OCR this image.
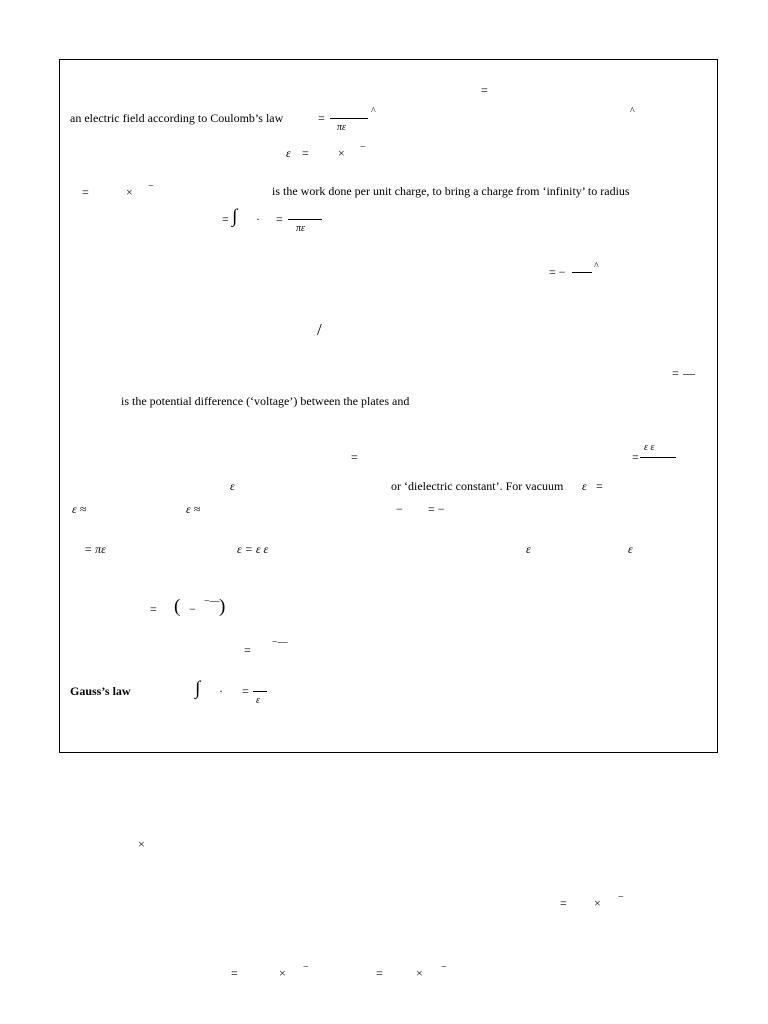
=
an electric field according to Coulomb’s law	=
πε
^	^
ε = × −
=	× −	is the work done per unit charge, to bring a charge from ‘infinity’ to radius
= ∫ · =
πε
= −	^
/
= —
is the potential difference (‘voltage’) between the plates and
=	=
ε ε
ε	or ‘dielectric constant’. For vacuum ε =
ε ≈	ε ≈	− = −
= πε	ε = ε ε	ε	ε
= ( −
−— )
=
−—
Gauss’s law	∫ · =
ε
×
= × −
=	× −	=	× −
